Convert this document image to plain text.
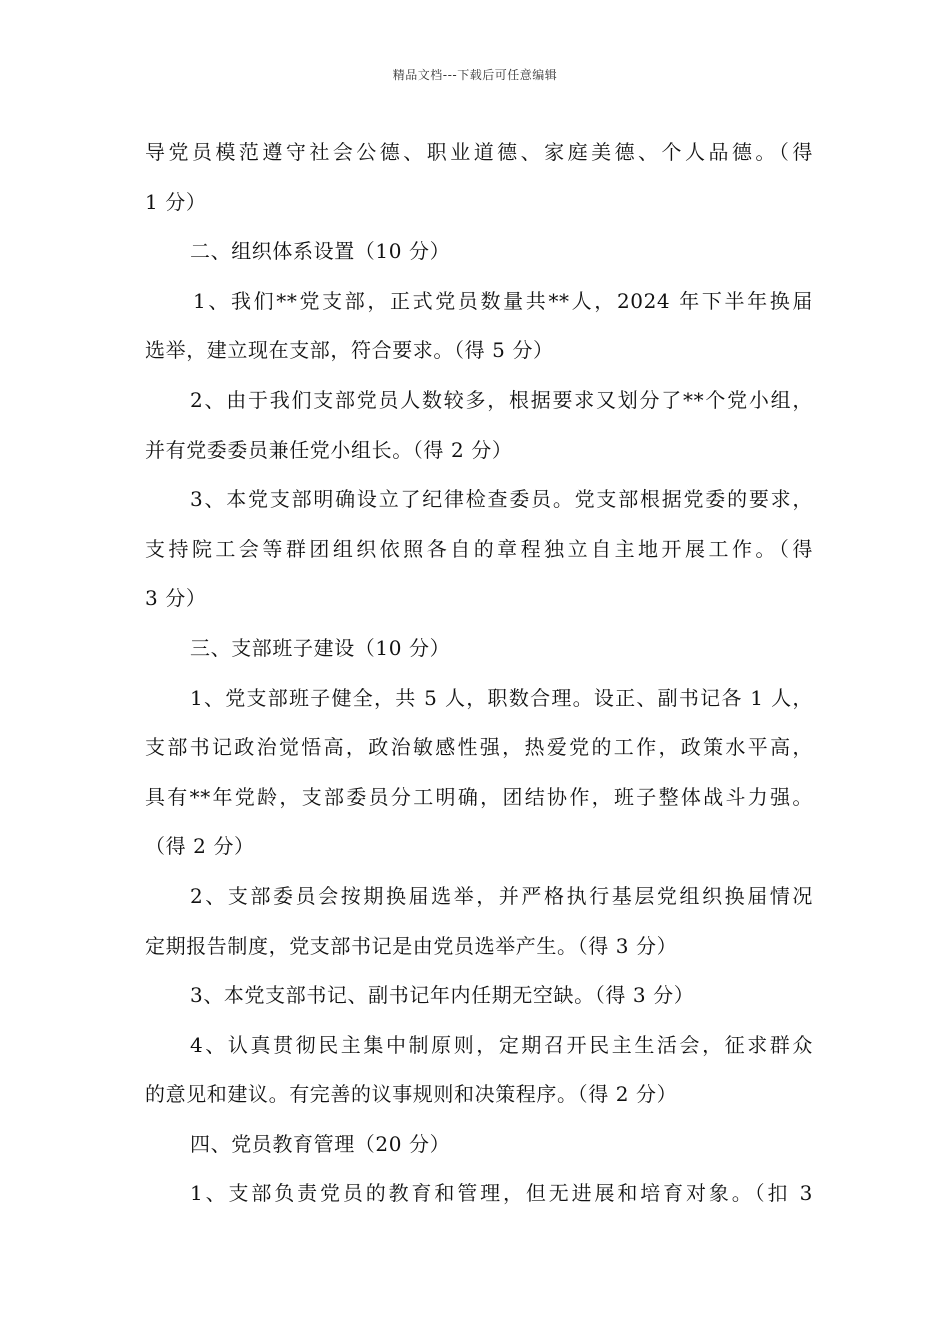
精品文档---下载后可任意编辑
导党员模范遵守社会公德、职业道德、家庭美德、个人品德。（得
1 分）
二、组织体系设置（10 分）
1、我们**党支部，正式党员数量共**人，2024 年下半年换届
选举，建立现在支部，符合要求。（得 5 分）
2、由于我们支部党员人数较多，根据要求又划分了**个党小组，
并有党委委员兼任党小组长。（得 2 分）
3、本党支部明确设立了纪律检查委员。党支部根据党委的要求，
支持院工会等群团组织依照各自的章程独立自主地开展工作。（得
3 分）
三、支部班子建设（10 分）
1、党支部班子健全，共 5 人，职数合理。设正、副书记各 1 人，
支部书记政治觉悟高，政治敏感性强，热爱党的工作，政策水平高，
具有**年党龄，支部委员分工明确，团结协作，班子整体战斗力强。
（得 2 分）
2、支部委员会按期换届选举，并严格执行基层党组织换届情况
定期报告制度，党支部书记是由党员选举产生。（得 3 分）
3、本党支部书记、副书记年内任期无空缺。（得 3 分）
4、认真贯彻民主集中制原则，定期召开民主生活会，征求群众
的意见和建议。有完善的议事规则和决策程序。（得 2 分）
四、党员教育管理（20 分）
1、支部负责党员的教育和管理，但无进展和培育对象。（扣 3
